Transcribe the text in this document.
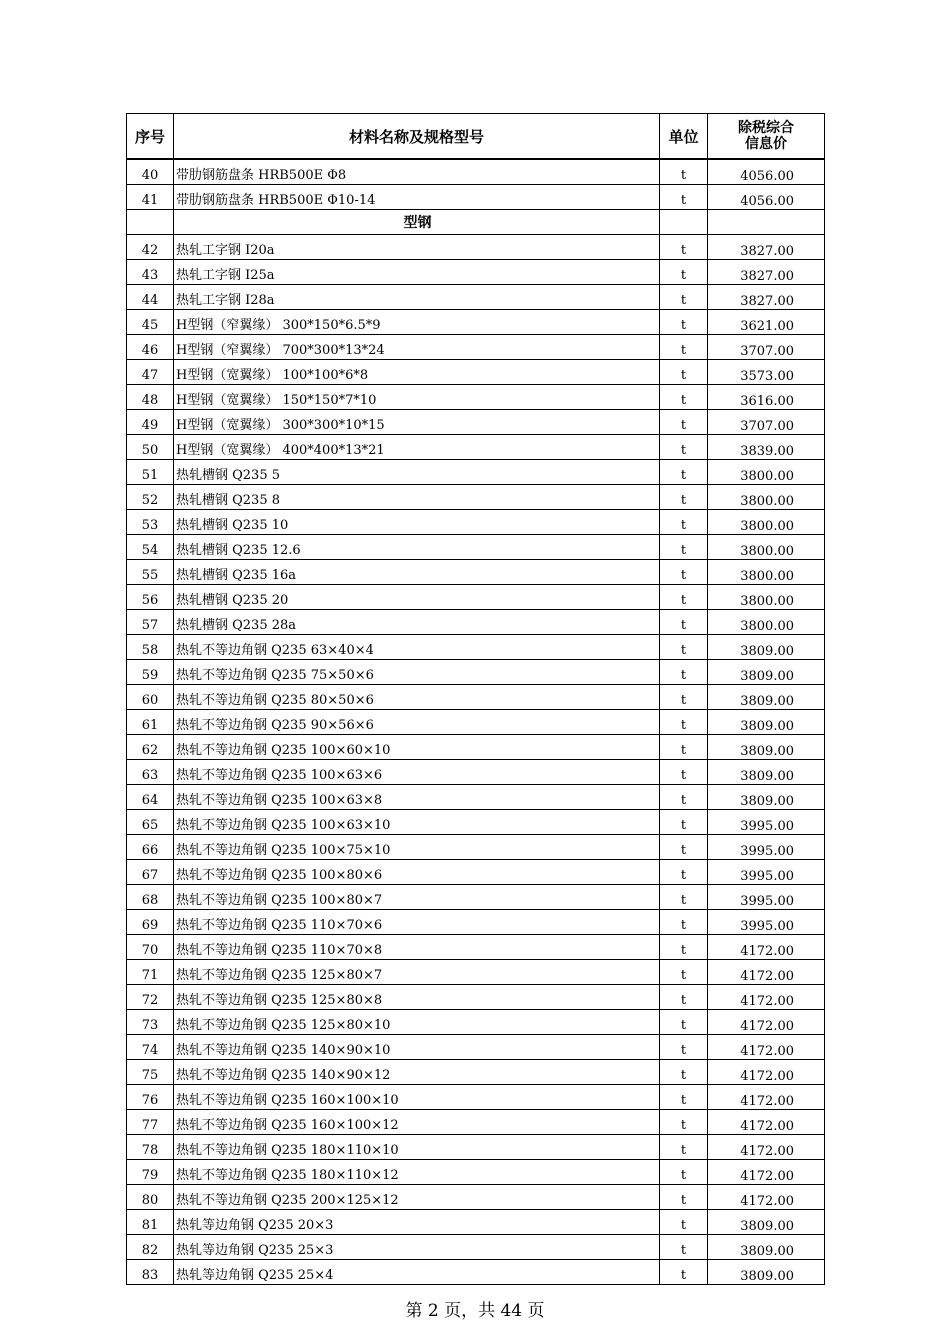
序号	材料名称及规格型号	单位	除税综合
信息价

40	带肋钢筋盘条 HRB500E Φ8	t	4056.00
41	带肋钢筋盘条 HRB500E Φ10-14	t	4056.00
	型钢		
42	热轧工字钢 I20a	t	3827.00
43	热轧工字钢 I25a	t	3827.00
44	热轧工字钢 I28a	t	3827.00
45	H型钢（窄翼缘） 300*150*6.5*9	t	3621.00
46	H型钢（窄翼缘） 700*300*13*24	t	3707.00
47	H型钢（宽翼缘） 100*100*6*8	t	3573.00
48	H型钢（宽翼缘） 150*150*7*10	t	3616.00
49	H型钢（宽翼缘） 300*300*10*15	t	3707.00
50	H型钢（宽翼缘） 400*400*13*21	t	3839.00
51	热轧槽钢 Q235 5	t	3800.00
52	热轧槽钢 Q235 8	t	3800.00
53	热轧槽钢 Q235 10	t	3800.00
54	热轧槽钢 Q235 12.6	t	3800.00
55	热轧槽钢 Q235 16a	t	3800.00
56	热轧槽钢 Q235 20	t	3800.00
57	热轧槽钢 Q235 28a	t	3800.00
58	热轧不等边角钢 Q235 63×40×4	t	3809.00
59	热轧不等边角钢 Q235 75×50×6	t	3809.00
60	热轧不等边角钢 Q235 80×50×6	t	3809.00
61	热轧不等边角钢 Q235 90×56×6	t	3809.00
62	热轧不等边角钢 Q235 100×60×10	t	3809.00
63	热轧不等边角钢 Q235 100×63×6	t	3809.00
64	热轧不等边角钢 Q235 100×63×8	t	3809.00
65	热轧不等边角钢 Q235 100×63×10	t	3995.00
66	热轧不等边角钢 Q235 100×75×10	t	3995.00
67	热轧不等边角钢 Q235 100×80×6	t	3995.00
68	热轧不等边角钢 Q235 100×80×7	t	3995.00
69	热轧不等边角钢 Q235 110×70×6	t	3995.00
70	热轧不等边角钢 Q235 110×70×8	t	4172.00
71	热轧不等边角钢 Q235 125×80×7	t	4172.00
72	热轧不等边角钢 Q235 125×80×8	t	4172.00
73	热轧不等边角钢 Q235 125×80×10	t	4172.00
74	热轧不等边角钢 Q235 140×90×10	t	4172.00
75	热轧不等边角钢 Q235 140×90×12	t	4172.00
76	热轧不等边角钢 Q235 160×100×10	t	4172.00
77	热轧不等边角钢 Q235 160×100×12	t	4172.00
78	热轧不等边角钢 Q235 180×110×10	t	4172.00
79	热轧不等边角钢 Q235 180×110×12	t	4172.00
80	热轧不等边角钢 Q235 200×125×12	t	4172.00
81	热轧等边角钢 Q235 20×3	t	3809.00
82	热轧等边角钢 Q235 25×3	t	3809.00
83	热轧等边角钢 Q235 25×4	t	3809.00
第 2 页，共 44 页
